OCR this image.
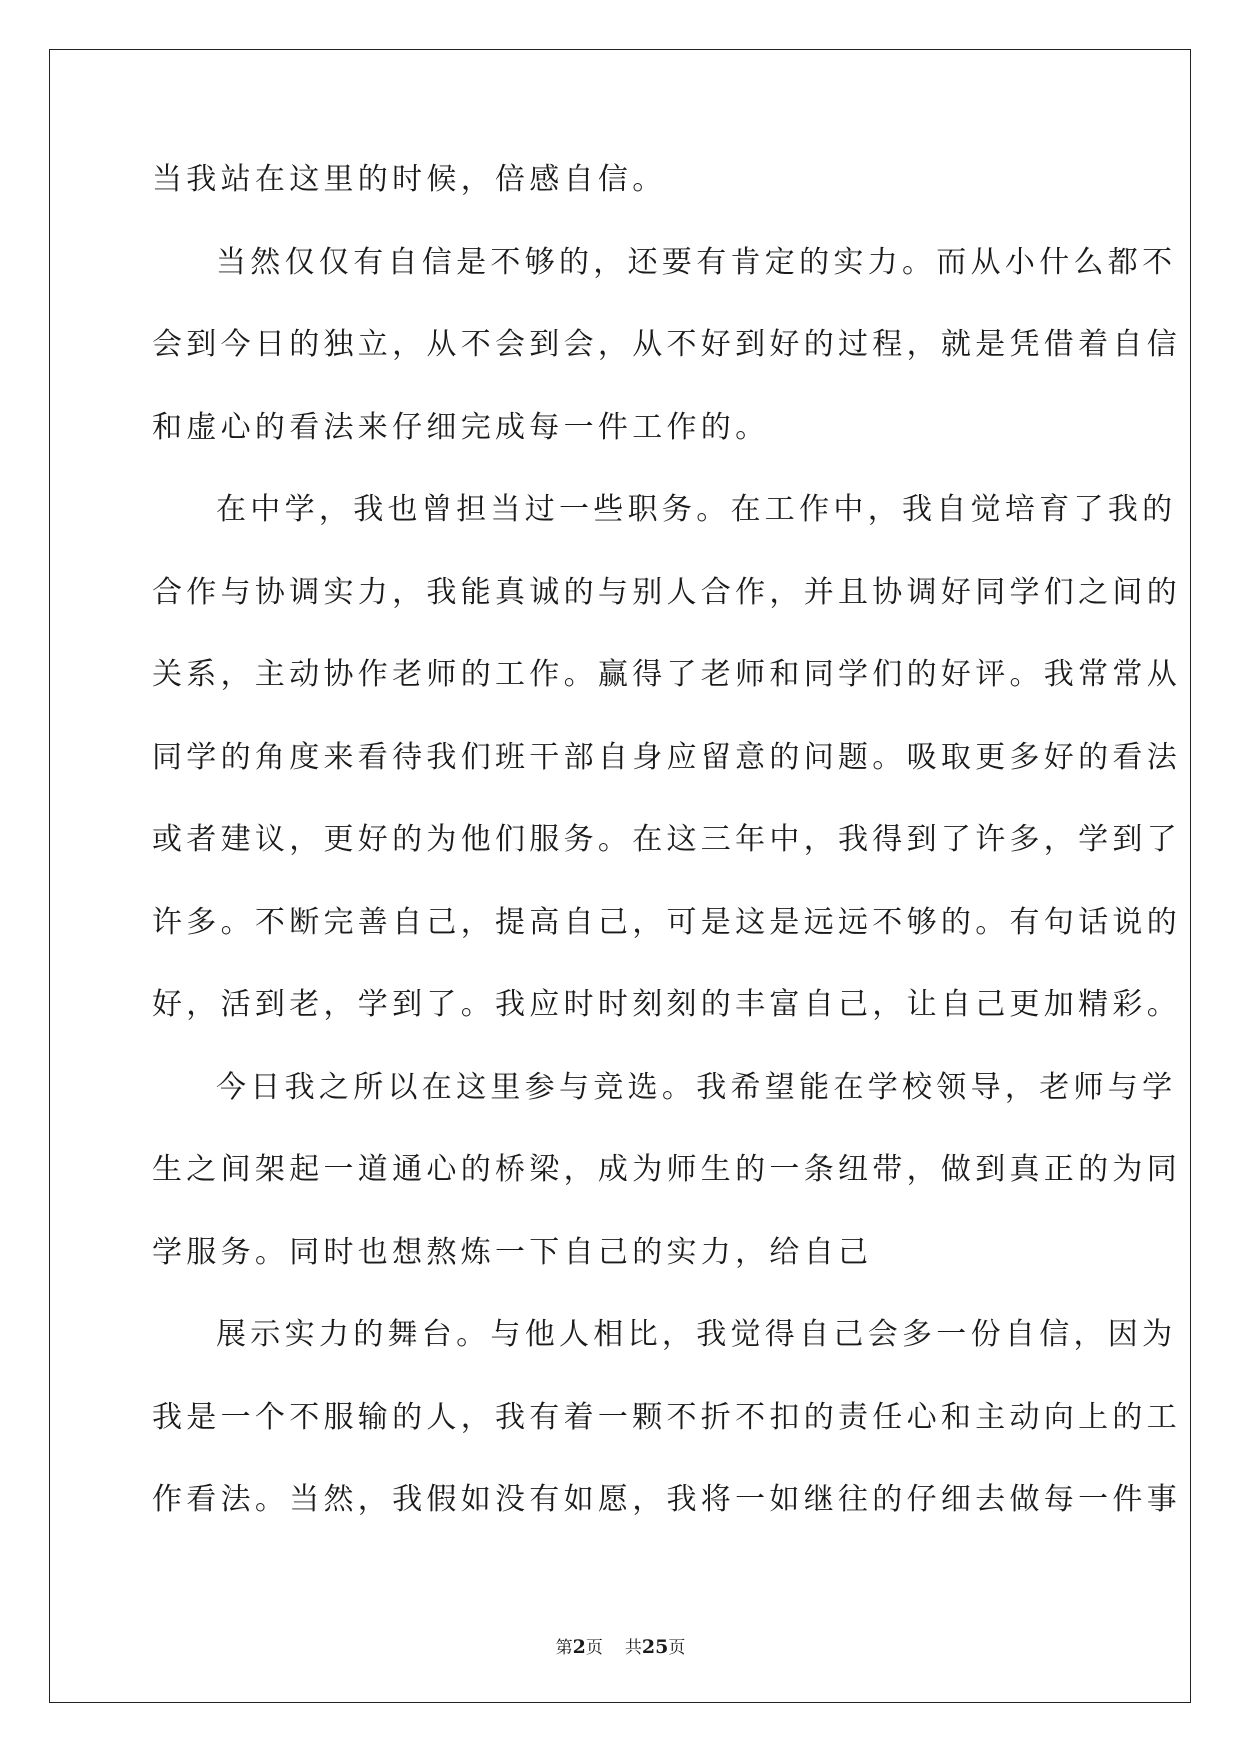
当我站在这里的时候，倍感自信。
当然仅仅有自信是不够的，还要有肯定的实力。而从小什么都不
会到今日的独立，从不会到会，从不好到好的过程，就是凭借着自信
和虚心的看法来仔细完成每一件工作的。
在中学，我也曾担当过一些职务。在工作中，我自觉培育了我的
合作与协调实力，我能真诚的与别人合作，并且协调好同学们之间的
关系，主动协作老师的工作。赢得了老师和同学们的好评。我常常从
同学的角度来看待我们班干部自身应留意的问题。吸取更多好的看法
或者建议，更好的为他们服务。在这三年中，我得到了许多，学到了
许多。不断完善自己，提高自己，可是这是远远不够的。有句话说的
好，活到老，学到了。我应时时刻刻的丰富自己，让自己更加精彩。
今日我之所以在这里参与竞选。我希望能在学校领导，老师与学
生之间架起一道通心的桥梁，成为师生的一条纽带，做到真正的为同
学服务。同时也想熬炼一下自己的实力，给自己
展示实力的舞台。与他人相比，我觉得自己会多一份自信，因为
我是一个不服输的人，我有着一颗不折不扣的责任心和主动向上的工
作看法。当然，我假如没有如愿，我将一如继往的仔细去做每一件事
第2页 共25页
